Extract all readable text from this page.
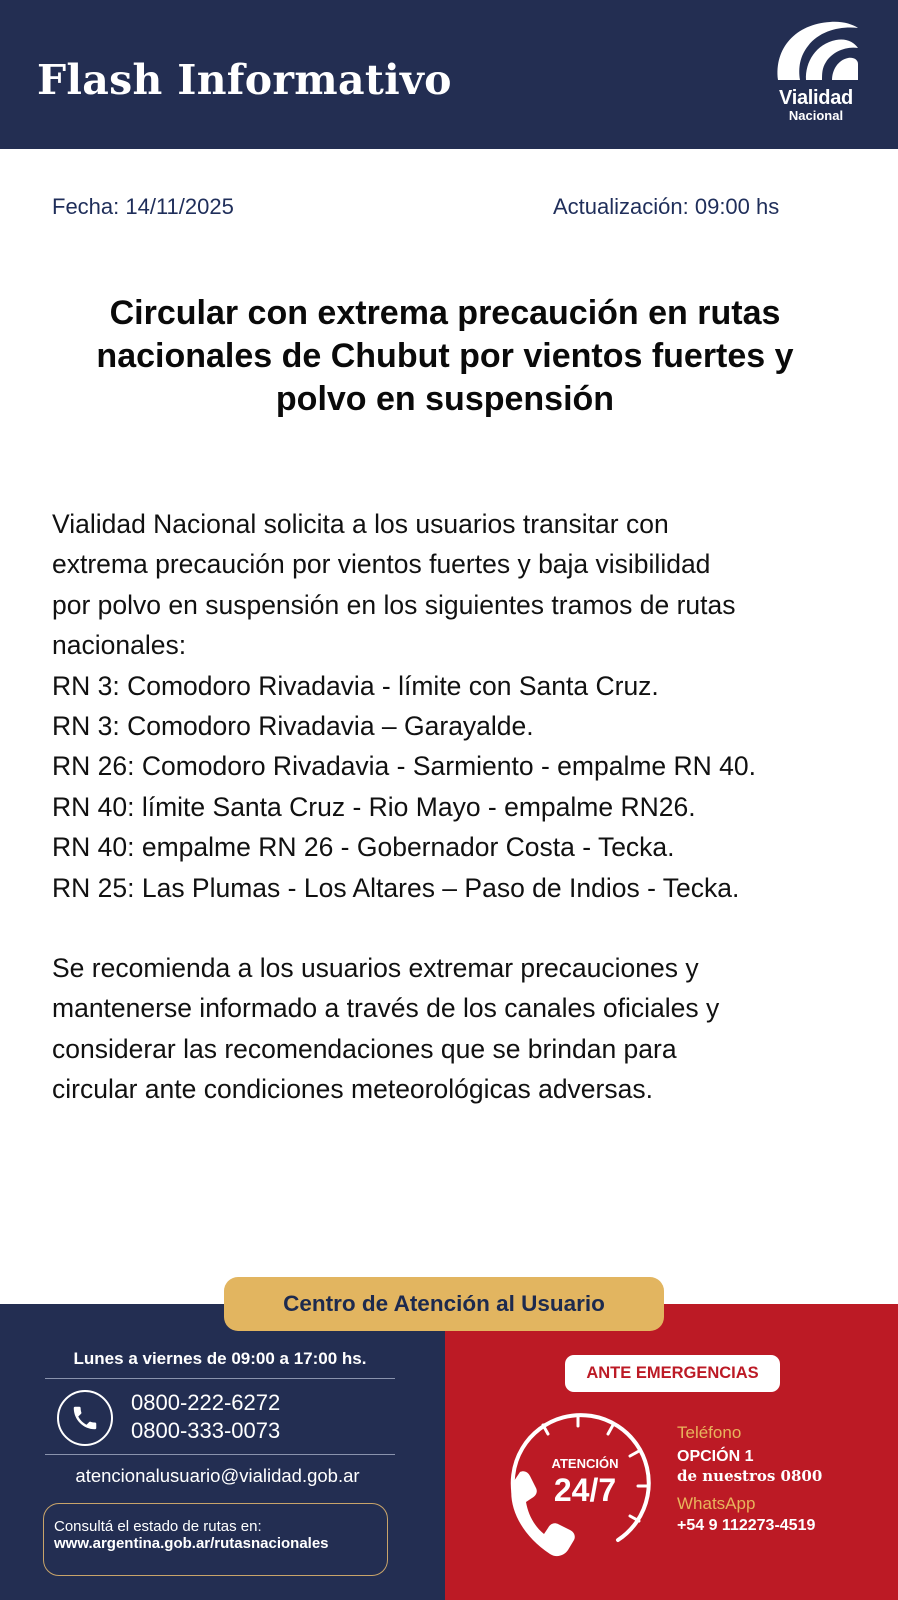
Flash Informativo	Vialidad
Nacional
Fecha: 14/11/2025	Actualización: 09:00 hs
Circular con extrema precaución en rutas
nacionales de Chubut por vientos fuertes y
polvo en suspensión

Vialidad Nacional solicita a los usuarios transitar con

extrema precaución por vientos fuertes y baja visibilidad

por polvo en suspensión en los siguientes tramos de rutas

nacionales:

RN 3: Comodoro Rivadavia - límite con Santa Cruz.
RN 3: Comodoro Rivadavia – Garayalde.
RN 26: Comodoro Rivadavia - Sarmiento - empalme RN 40.
RN 40: límite Santa Cruz - Rio Mayo - empalme RN26.
RN 40: empalme RN 26 - Gobernador Costa - Tecka.
RN 25: Las Plumas - Los Altares – Paso de Indios - Tecka.

Se recomienda a los usuarios extremar precauciones y

mantenerse informado a través de los canales oficiales y

considerar las recomendaciones que se brindan para

circular ante condiciones meteorológicas adversas.

Centro de Atención al Usuario
Lunes a viernes de 09:00 a 17:00 hs.
0800-222-6272
0800-333-0073
atencionalusuario@vialidad.gob.ar
Consultá el estado de rutas en:
www.argentina.gob.ar/rutasnacionales
ANTE EMERGENCIAS
ATENCIÓN
24/7
Teléfono
OPCIÓN 1
de nuestros 0800
WhatsApp
+54 9 112273-4519
